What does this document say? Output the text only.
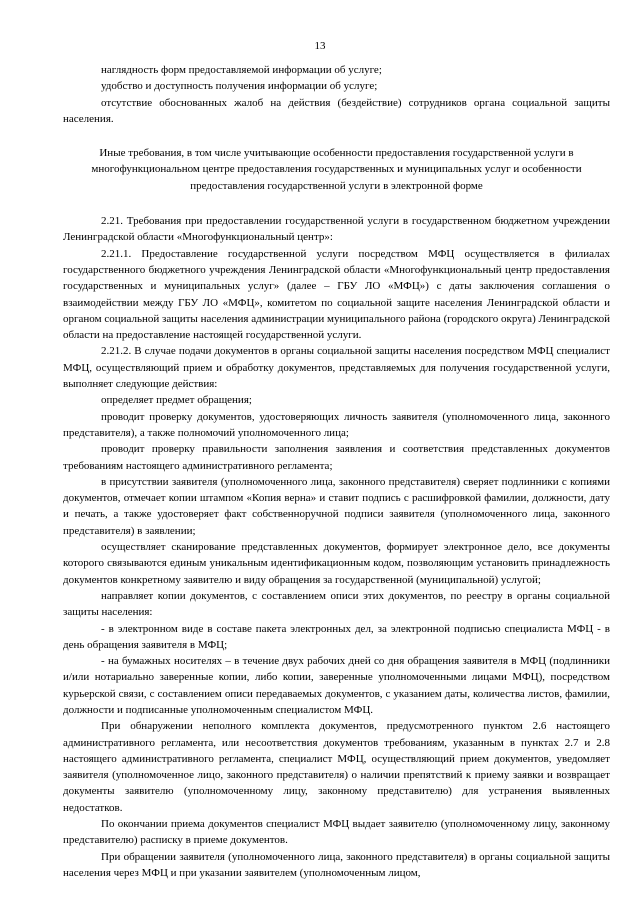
13

наглядность форм предоставляемой информации об услуге;

удобство и доступность получения информации об услуге;

отсутствие обоснованных жалоб на действия (бездействие) сотрудников органа социальной защиты населения.

Иные требования, в том числе учитывающие особенности предоставления государственной услуги в многофункциональном центре предоставления государственных и муниципальных услуг и особенности предоставления государственной услуги в электронной форме

2.21. Требования при предоставлении государственной услуги в государственном бюджетном учреждении Ленинградской области «Многофункциональный центр»:

2.21.1. Предоставление государственной услуги посредством МФЦ осуществляется в филиалах государственного бюджетного учреждения Ленинградской области «Многофункциональный центр предоставления государственных и муниципальных услуг» (далее – ГБУ ЛО «МФЦ») с даты заключения соглашения о взаимодействии между ГБУ ЛО «МФЦ», комитетом по социальной защите населения Ленинградской области и органом социальной защиты населения администрации муниципального района (городского округа) Ленинградской области на предоставление настоящей государственной услуги.

2.21.2. В случае подачи документов в органы социальной защиты населения посредством МФЦ специалист МФЦ, осуществляющий прием и обработку документов, представляемых для получения государственной услуги, выполняет следующие действия:

определяет предмет обращения;

проводит проверку документов, удостоверяющих личность заявителя (уполномоченного лица, законного представителя), а также полномочий уполномоченного лица;

проводит проверку правильности заполнения заявления и соответствия представленных документов требованиям настоящего административного регламента;

в присутствии заявителя (уполномоченного лица, законного представителя) сверяет подлинники с копиями документов, отмечает копии штампом «Копия верна» и ставит подпись с расшифровкой фамилии, должности, дату и печать, а также удостоверяет факт собственноручной подписи заявителя (уполномоченного лица, законного представителя) в заявлении;

осуществляет сканирование представленных документов, формирует электронное дело, все документы которого связываются единым уникальным идентификационным кодом, позволяющим установить принадлежность документов конкретному заявителю и виду обращения за государственной (муниципальной) услугой;

направляет копии документов, с составлением описи этих документов, по реестру в органы социальной защиты населения:

- в электронном виде в составе пакета электронных дел, за электронной подписью специалиста МФЦ - в день обращения заявителя в МФЦ;

- на бумажных носителях – в течение двух рабочих дней со дня обращения заявителя в МФЦ (подлинники и/или нотариально заверенные копии, либо копии, заверенные уполномоченными лицами МФЦ), посредством курьерской связи, с составлением описи передаваемых документов, с указанием даты, количества листов, фамилии, должности и подписанные уполномоченным специалистом МФЦ.

При обнаружении неполного комплекта документов, предусмотренного пунктом 2.6 настоящего административного регламента, или несоответствия документов требованиям, указанным в пунктах 2.7 и 2.8 настоящего административного регламента, специалист МФЦ, осуществляющий прием документов, уведомляет заявителя (уполномоченное лицо, законного представителя) о наличии препятствий к приему заявки и возвращает документы заявителю (уполномоченному лицу, законному представителю) для устранения выявленных недостатков.

По окончании приема документов специалист МФЦ выдает заявителю (уполномоченному лицу, законному представителю) расписку в приеме документов.

При обращении заявителя (уполномоченного лица, законного представителя) в органы социальной защиты населения через МФЦ и при указании заявителем (уполномоченным лицом,
